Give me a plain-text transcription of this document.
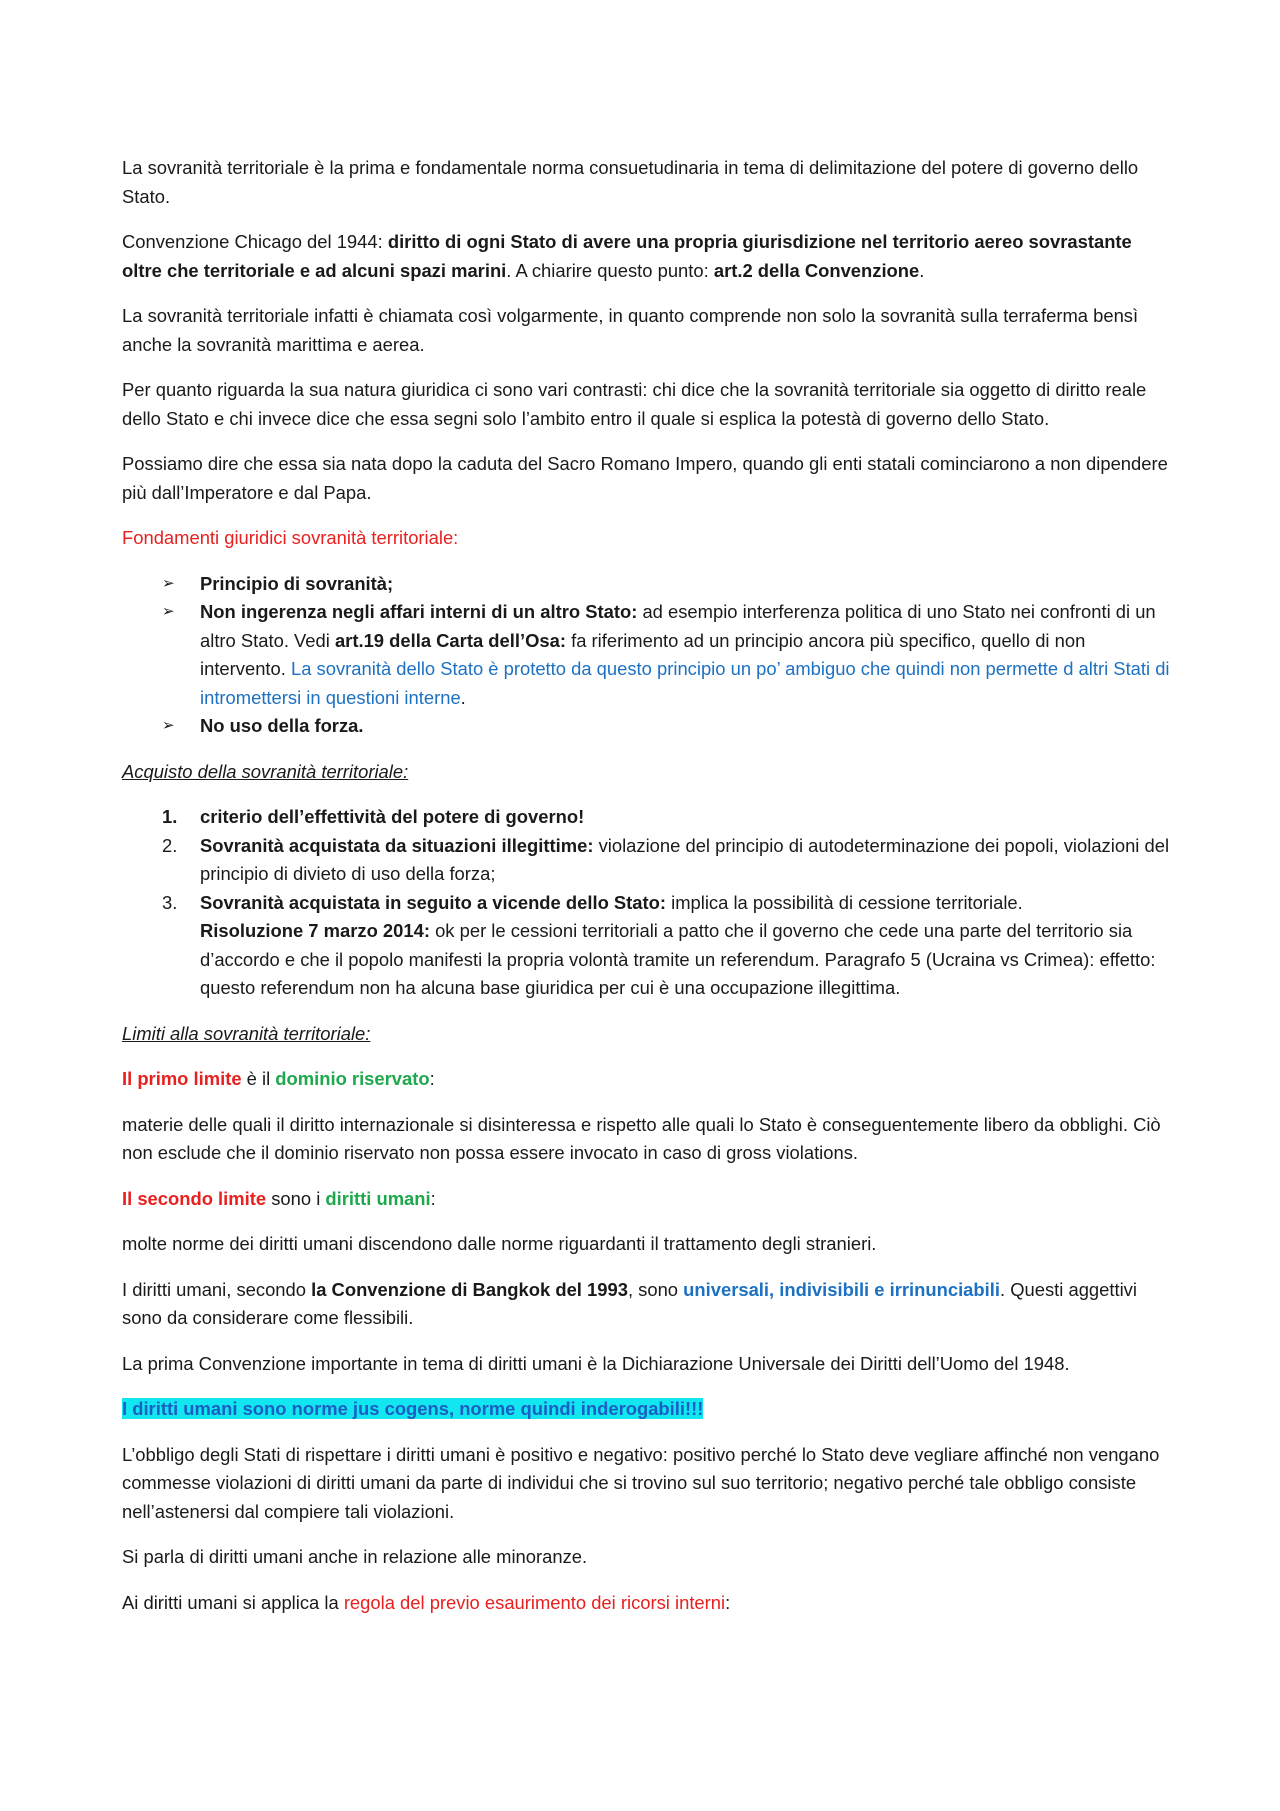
La sovranità territoriale è la prima e fondamentale norma consuetudinaria in tema di delimitazione del potere di governo dello Stato.

Convenzione Chicago del 1944: diritto di ogni Stato di avere una propria giurisdizione nel territorio aereo sovrastante oltre che territoriale e ad alcuni spazi marini. A chiarire questo punto: art.2 della Convenzione.

La sovranità territoriale infatti è chiamata così volgarmente, in quanto comprende non solo la sovranità sulla terraferma bensì anche la sovranità marittima e aerea.

Per quanto riguarda la sua natura giuridica ci sono vari contrasti: chi dice che la sovranità territoriale sia oggetto di diritto reale dello Stato e chi invece dice che essa segni solo l’ambito entro il quale si esplica la potestà di governo dello Stato.

Possiamo dire che essa sia nata dopo la caduta del Sacro Romano Impero, quando gli enti statali cominciarono a non dipendere più dall’Imperatore e dal Papa.

Fondamenti giuridici sovranità territoriale:

➢ Principio di sovranità;
➢ Non ingerenza negli affari interni di un altro Stato: ad esempio interferenza politica di uno Stato nei confronti di un altro Stato. Vedi art.19 della Carta dell’Osa: fa riferimento ad un principio ancora più specifico, quello di non intervento. La sovranità dello Stato è protetto da questo principio un po’ ambiguo che quindi non permette d altri Stati di intromettersi in questioni interne.
➢ No uso della forza.

Acquisto della sovranità territoriale:

1. criterio dell’effettività del potere di governo!
2. Sovranità acquistata da situazioni illegittime: violazione del principio di autodeterminazione dei popoli, violazioni del principio di divieto di uso della forza;
3. Sovranità acquistata in seguito a vicende dello Stato: implica la possibilità di cessione territoriale.
Risoluzione 7 marzo 2014: ok per le cessioni territoriali a patto che il governo che cede una parte del territorio sia d’accordo e che il popolo manifesti la propria volontà tramite un referendum. Paragrafo 5 (Ucraina vs Crimea): effetto: questo referendum non ha alcuna base giuridica per cui è una occupazione illegittima.

Limiti alla sovranità territoriale:

Il primo limite è il dominio riservato:

materie delle quali il diritto internazionale si disinteressa e rispetto alle quali lo Stato è conseguentemente libero da obblighi. Ciò non esclude che il dominio riservato non possa essere invocato in caso di gross violations.

Il secondo limite sono i diritti umani:

molte norme dei diritti umani discendono dalle norme riguardanti il trattamento degli stranieri.

I diritti umani, secondo la Convenzione di Bangkok del 1993, sono universali, indivisibili e irrinunciabili. Questi aggettivi sono da considerare come flessibili.

La prima Convenzione importante in tema di diritti umani è la Dichiarazione Universale dei Diritti dell’Uomo del 1948.

I diritti umani sono norme jus cogens, norme quindi inderogabili!!!

L’obbligo degli Stati di rispettare i diritti umani è positivo e negativo: positivo perché lo Stato deve vegliare affinché non vengano commesse violazioni di diritti umani da parte di individui che si trovino sul suo territorio; negativo perché tale obbligo consiste nell’astenersi dal compiere tali violazioni.

Si parla di diritti umani anche in relazione alle minoranze.

Ai diritti umani si applica la regola del previo esaurimento dei ricorsi interni:
